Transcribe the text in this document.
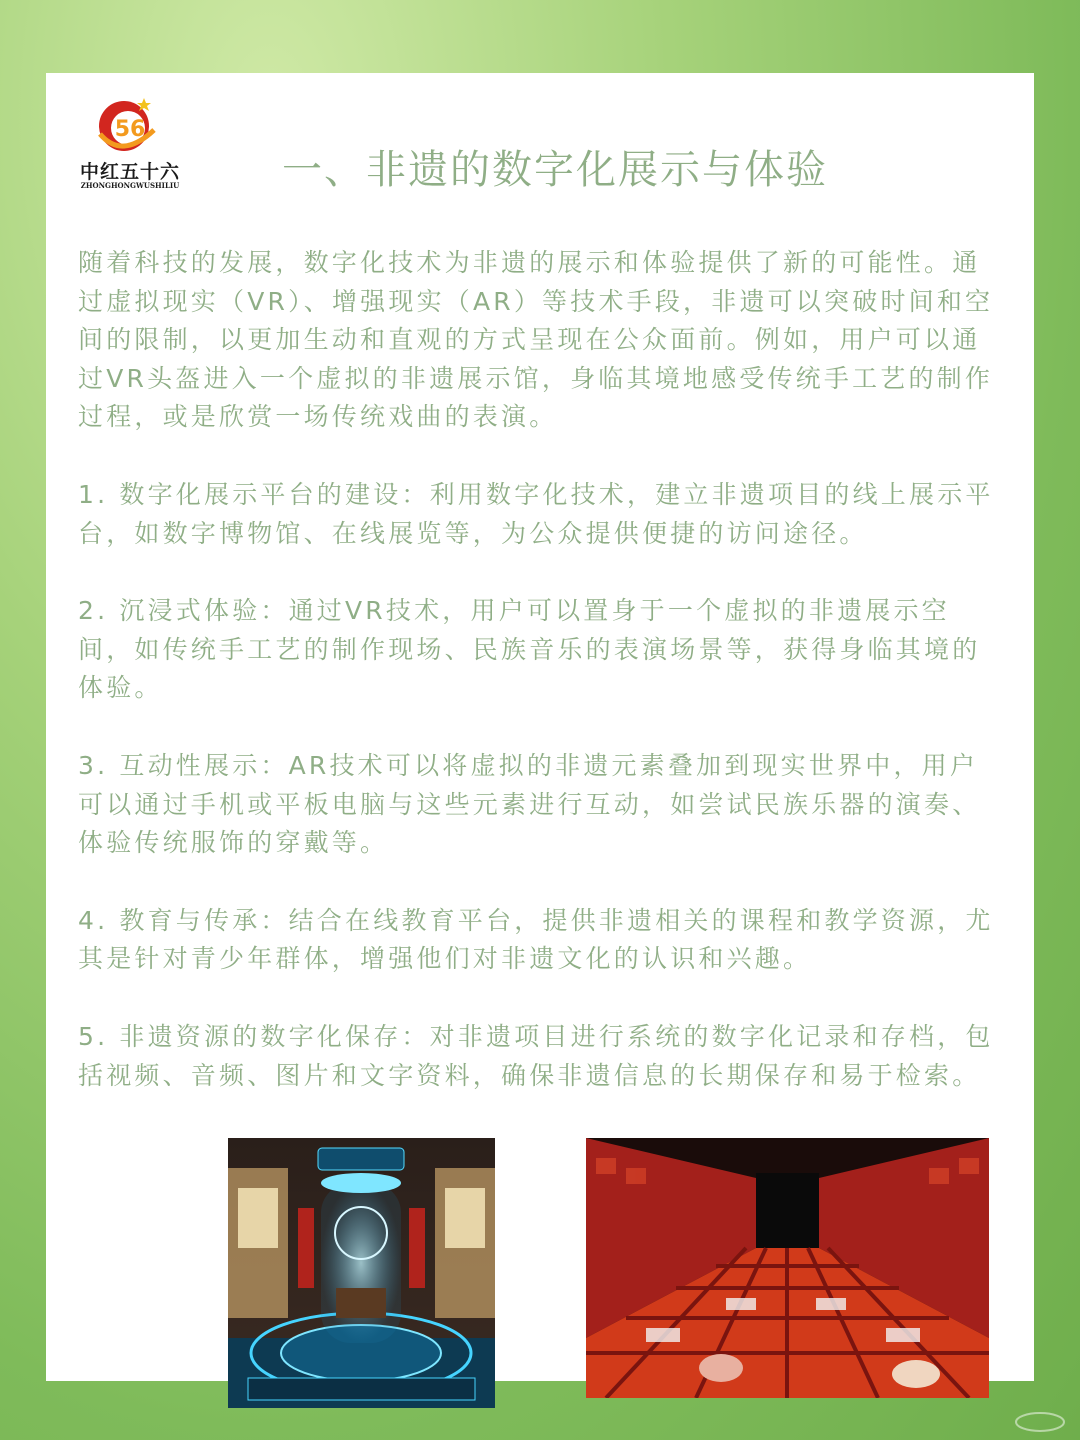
56
中红五十六
ZHONGHONGWUSHILIU	一、非遗的数字化展示与体验

随着科技的发展，数字化技术为非遗的展示和体验提供了新的可能性。通过虚拟现实（VR）、增强现实（AR）等技术手段，非遗可以突破时间和空间的限制，以更加生动和直观的方式呈现在公众面前。例如，用户可以通过VR头盔进入一个虚拟的非遗展示馆，身临其境地感受传统手工艺的制作过程，或是欣赏一场传统戏曲的表演。

1. 数字化展示平台的建设：利用数字化技术，建立非遗项目的线上展示平台，如数字博物馆、在线展览等，为公众提供便捷的访问途径。

2. 沉浸式体验：通过VR技术，用户可以置身于一个虚拟的非遗展示空间，如传统手工艺的制作现场、民族音乐的表演场景等，获得身临其境的体验。

3. 互动性展示：AR技术可以将虚拟的非遗元素叠加到现实世界中，用户可以通过手机或平板电脑与这些元素进行互动，如尝试民族乐器的演奏、体验传统服饰的穿戴等。

4. 教育与传承：结合在线教育平台，提供非遗相关的课程和教学资源，尤其是针对青少年群体，增强他们对非遗文化的认识和兴趣。

5. 非遗资源的数字化保存：对非遗项目进行系统的数字化记录和存档，包括视频、音频、图片和文字资料，确保非遗信息的长期保存和易于检索。
